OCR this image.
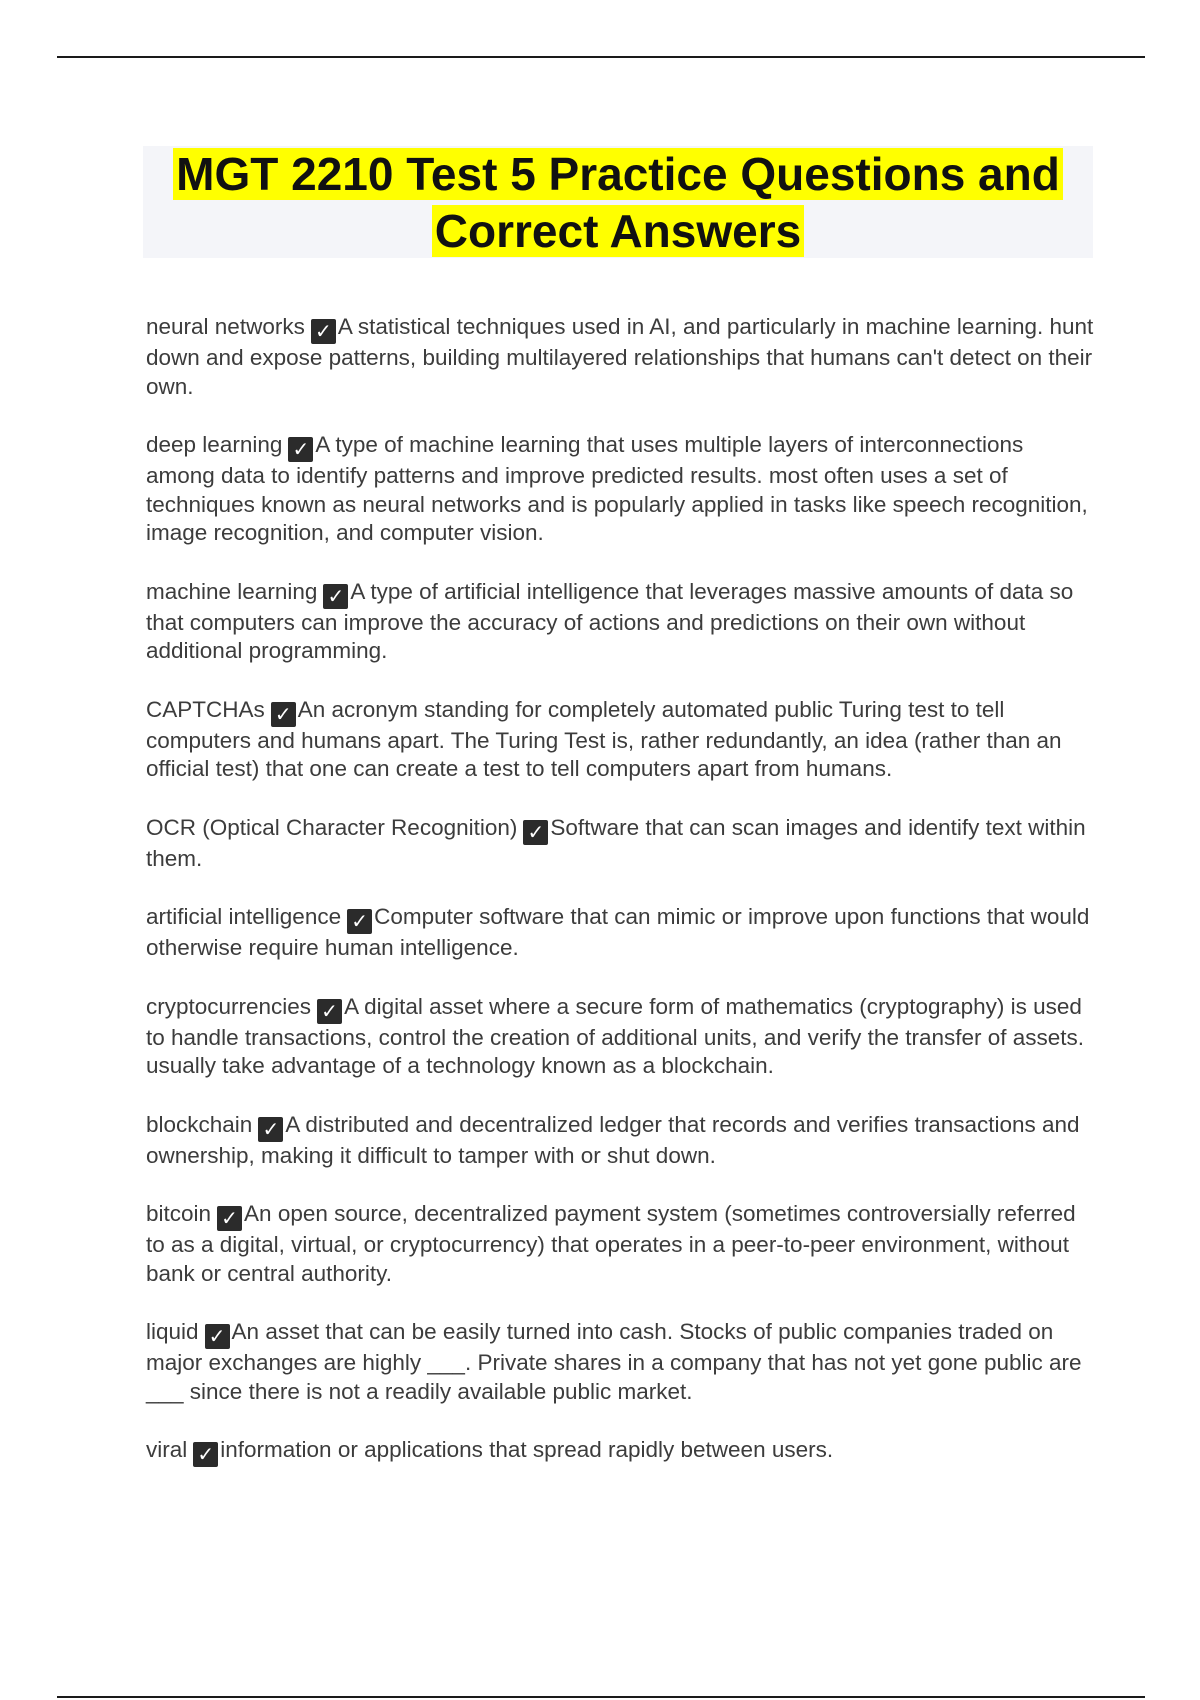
MGT 2210 Test 5 Practice Questions and

Correct Answers

neural networks ✓ A statistical techniques used in AI, and particularly in machine learning. hunt down and expose patterns, building multilayered relationships that humans can't detect on their own.

deep learning ✓ A type of machine learning that uses multiple layers of interconnections among data to identify patterns and improve predicted results. most often uses a set of techniques known as neural networks and is popularly applied in tasks like speech recognition, image recognition, and computer vision.

machine learning ✓ A type of artificial intelligence that leverages massive amounts of data so that computers can improve the accuracy of actions and predictions on their own without additional programming.

CAPTCHAs ✓ An acronym standing for completely automated public Turing test to tell computers and humans apart. The Turing Test is, rather redundantly, an idea (rather than an official test) that one can create a test to tell computers apart from humans.

OCR (Optical Character Recognition) ✓ Software that can scan images and identify text within them.

artificial intelligence ✓ Computer software that can mimic or improve upon functions that would otherwise require human intelligence.

cryptocurrencies ✓ A digital asset where a secure form of mathematics (cryptography) is used to handle transactions, control the creation of additional units, and verify the transfer of assets. usually take advantage of a technology known as a blockchain.

blockchain ✓ A distributed and decentralized ledger that records and verifies transactions and ownership, making it difficult to tamper with or shut down.

bitcoin ✓ An open source, decentralized payment system (sometimes controversially referred to as a digital, virtual, or cryptocurrency) that operates in a peer-to-peer environment, without bank or central authority.

liquid ✓ An asset that can be easily turned into cash. Stocks of public companies traded on major exchanges are highly ___. Private shares in a company that has not yet gone public are ___ since there is not a readily available public market.

viral ✓ information or applications that spread rapidly between users.
